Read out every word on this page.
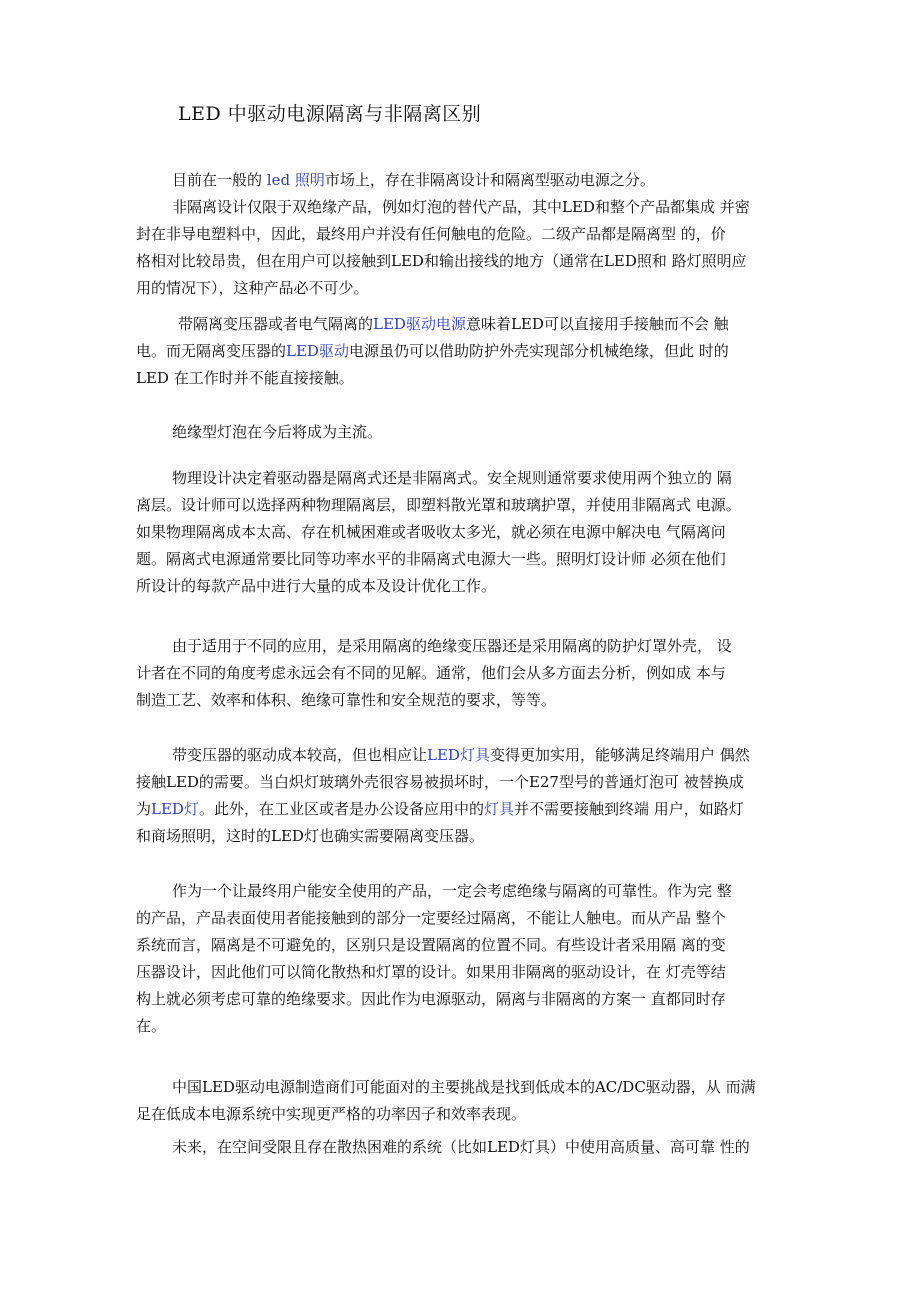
LED 中驱动电源隔离与非隔离区别
目前在一般的 led 照明市场上，存在非隔离设计和隔离型驱动电源之分。
非隔离设计仅限于双绝缘产品，例如灯泡的替代产品，其中LED和整个产品都集成 并密
封在非导电塑料中，因此，最终用户并没有任何触电的危险。二级产品都是隔离型 的，价
格相对比较昂贵，但在用户可以接触到LED和输出接线的地方（通常在LED照和 路灯照明应
用的情况下），这种产品必不可少。
带隔离变压器或者电气隔离的LED驱动电源意味着LED可以直接用手接触而不会 触
电。而无隔离变压器的LED驱动电源虽仍可以借助防护外壳实现部分机械绝缘，但此 时的
LED 在工作时并不能直接接触。
绝缘型灯泡在今后将成为主流。
物理设计决定着驱动器是隔离式还是非隔离式。安全规则通常要求使用两个独立的 隔
离层。设计师可以选择两种物理隔离层，即塑料散光罩和玻璃护罩，并使用非隔离式 电源。
如果物理隔离成本太高、存在机械困难或者吸收太多光，就必须在电源中解决电 气隔离问
题。隔离式电源通常要比同等功率水平的非隔离式电源大一些。照明灯设计师 必须在他们
所设计的每款产品中进行大量的成本及设计优化工作。
由于适用于不同的应用，是采用隔离的绝缘变压器还是采用隔离的防护灯罩外壳， 设
计者在不同的角度考虑永远会有不同的见解。通常，他们会从多方面去分析，例如成 本与
制造工艺、效率和体积、绝缘可靠性和安全规范的要求，等等。
带变压器的驱动成本较高，但也相应让LED灯具变得更加实用，能够满足终端用户 偶然
接触LED的需要。当白炽灯玻璃外壳很容易被损坏时，一个E27型号的普通灯泡可 被替换成
为LED灯。此外，在工业区或者是办公设备应用中的灯具并不需要接触到终端 用户，如路灯
和商场照明，这时的LED灯也确实需要隔离变压器。
作为一个让最终用户能安全使用的产品，一定会考虑绝缘与隔离的可靠性。作为完 整
的产品，产品表面使用者能接触到的部分一定要经过隔离，不能让人触电。而从产品 整个
系统而言，隔离是不可避免的，区别只是设置隔离的位置不同。有些设计者采用隔 离的变
压器设计，因此他们可以简化散热和灯罩的设计。如果用非隔离的驱动设计，在 灯壳等结
构上就必须考虑可靠的绝缘要求。因此作为电源驱动，隔离与非隔离的方案一 直都同时存
在。
中国LED驱动电源制造商们可能面对的主要挑战是找到低成本的AC/DC驱动器，从 而满
足在低成本电源系统中实现更严格的功率因子和效率表现。
未来，在空间受限且存在散热困难的系统（比如LED灯具）中使用高质量、高可靠 性的
